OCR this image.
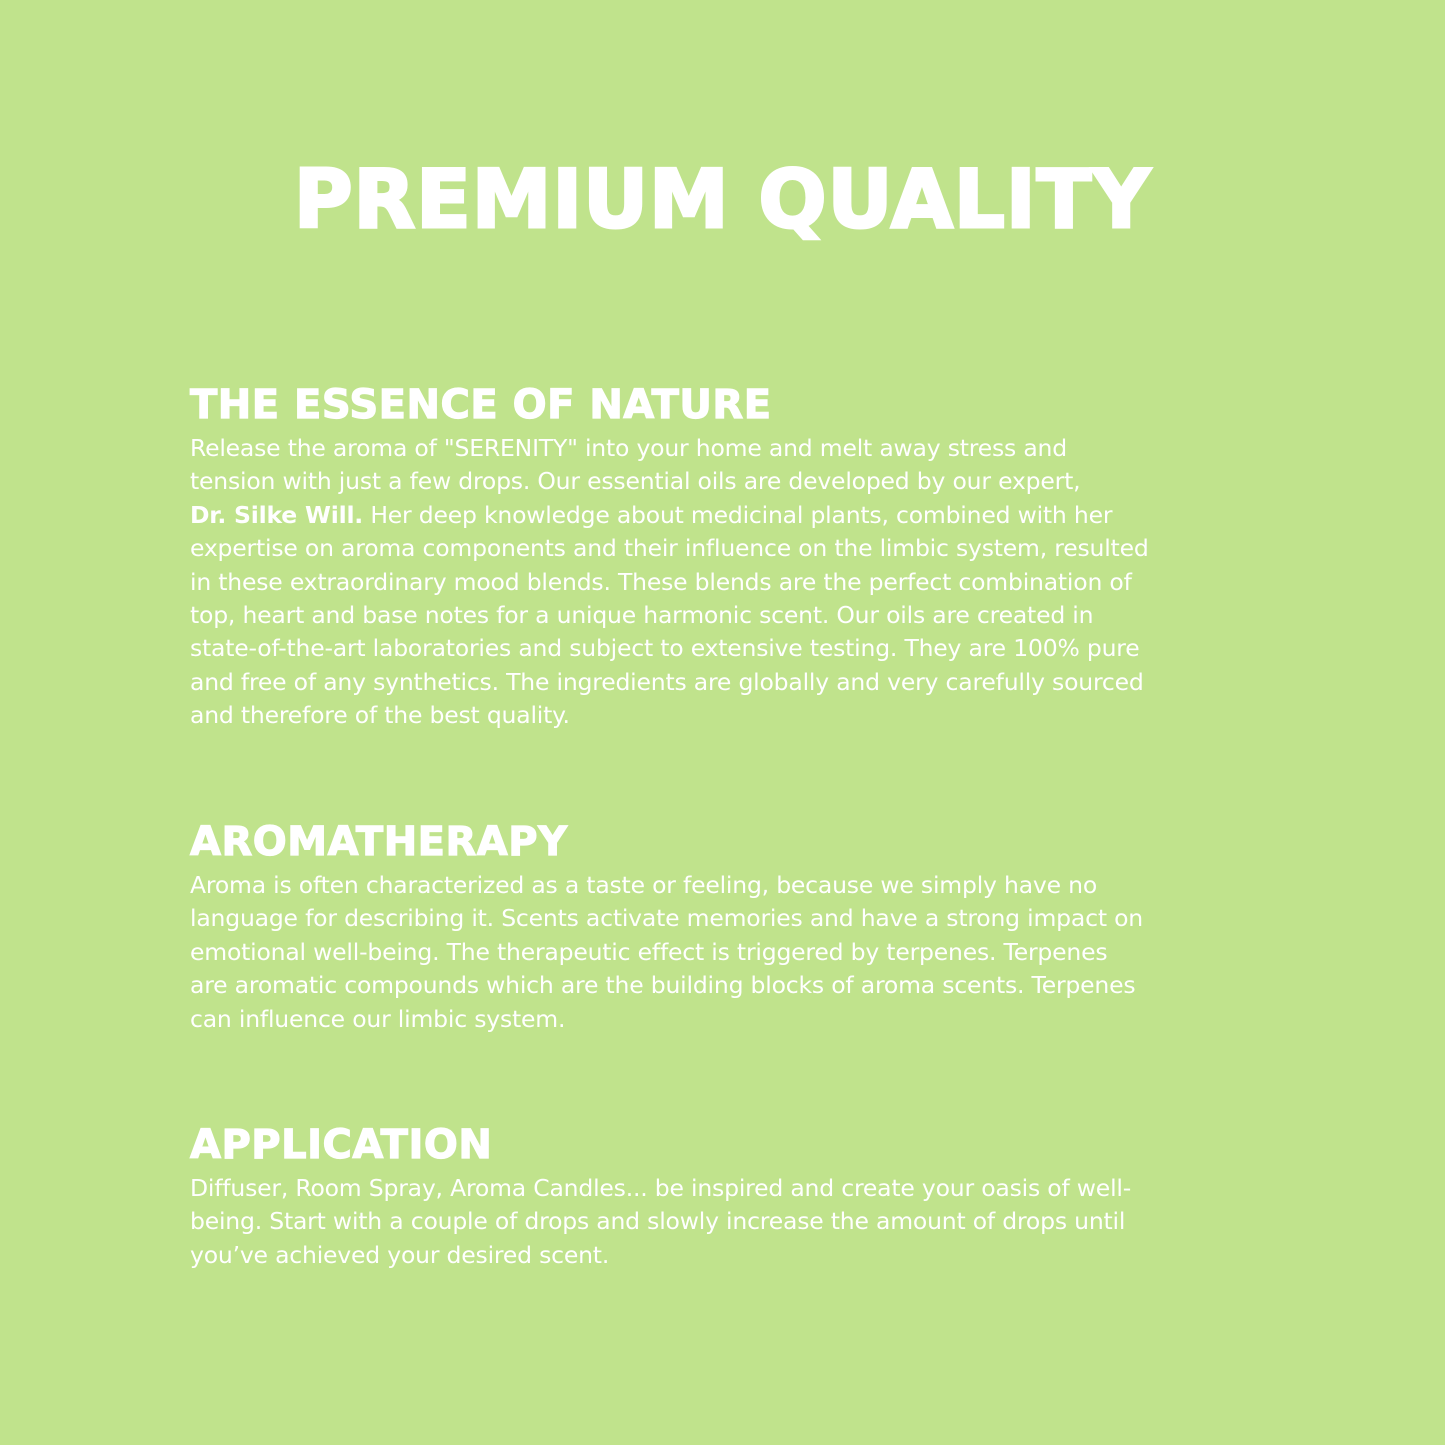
PREMIUM QUALITY
THE ESSENCE OF NATURE

Release the aroma of "SERENITY" into your home and melt away stress and
tension with just a few drops. Our essential oils are developed by our expert,
Dr. Silke Will. Her deep knowledge about medicinal plants, combined with her
expertise on aroma components and their influence on the limbic system, resulted
in these extraordinary mood blends. These blends are the perfect combination of
top, heart and base notes for a unique harmonic scent. Our oils are created in
state-of-the-art laboratories and subject to extensive testing. They are 100% pure
and free of any synthetics. The ingredients are globally and very carefully sourced
and therefore of the best quality.

AROMATHERAPY

Aroma is often characterized as a taste or feeling, because we simply have no
language for describing it. Scents activate memories and have a strong impact on
emotional well-being. The therapeutic effect is triggered by terpenes. Terpenes
are aromatic compounds which are the building blocks of aroma scents. Terpenes
can influence our limbic system.

APPLICATION

Diffuser, Room Spray, Aroma Candles... be inspired and create your oasis of well-
being. Start with a couple of drops and slowly increase the amount of drops until
you’ve achieved your desired scent.
